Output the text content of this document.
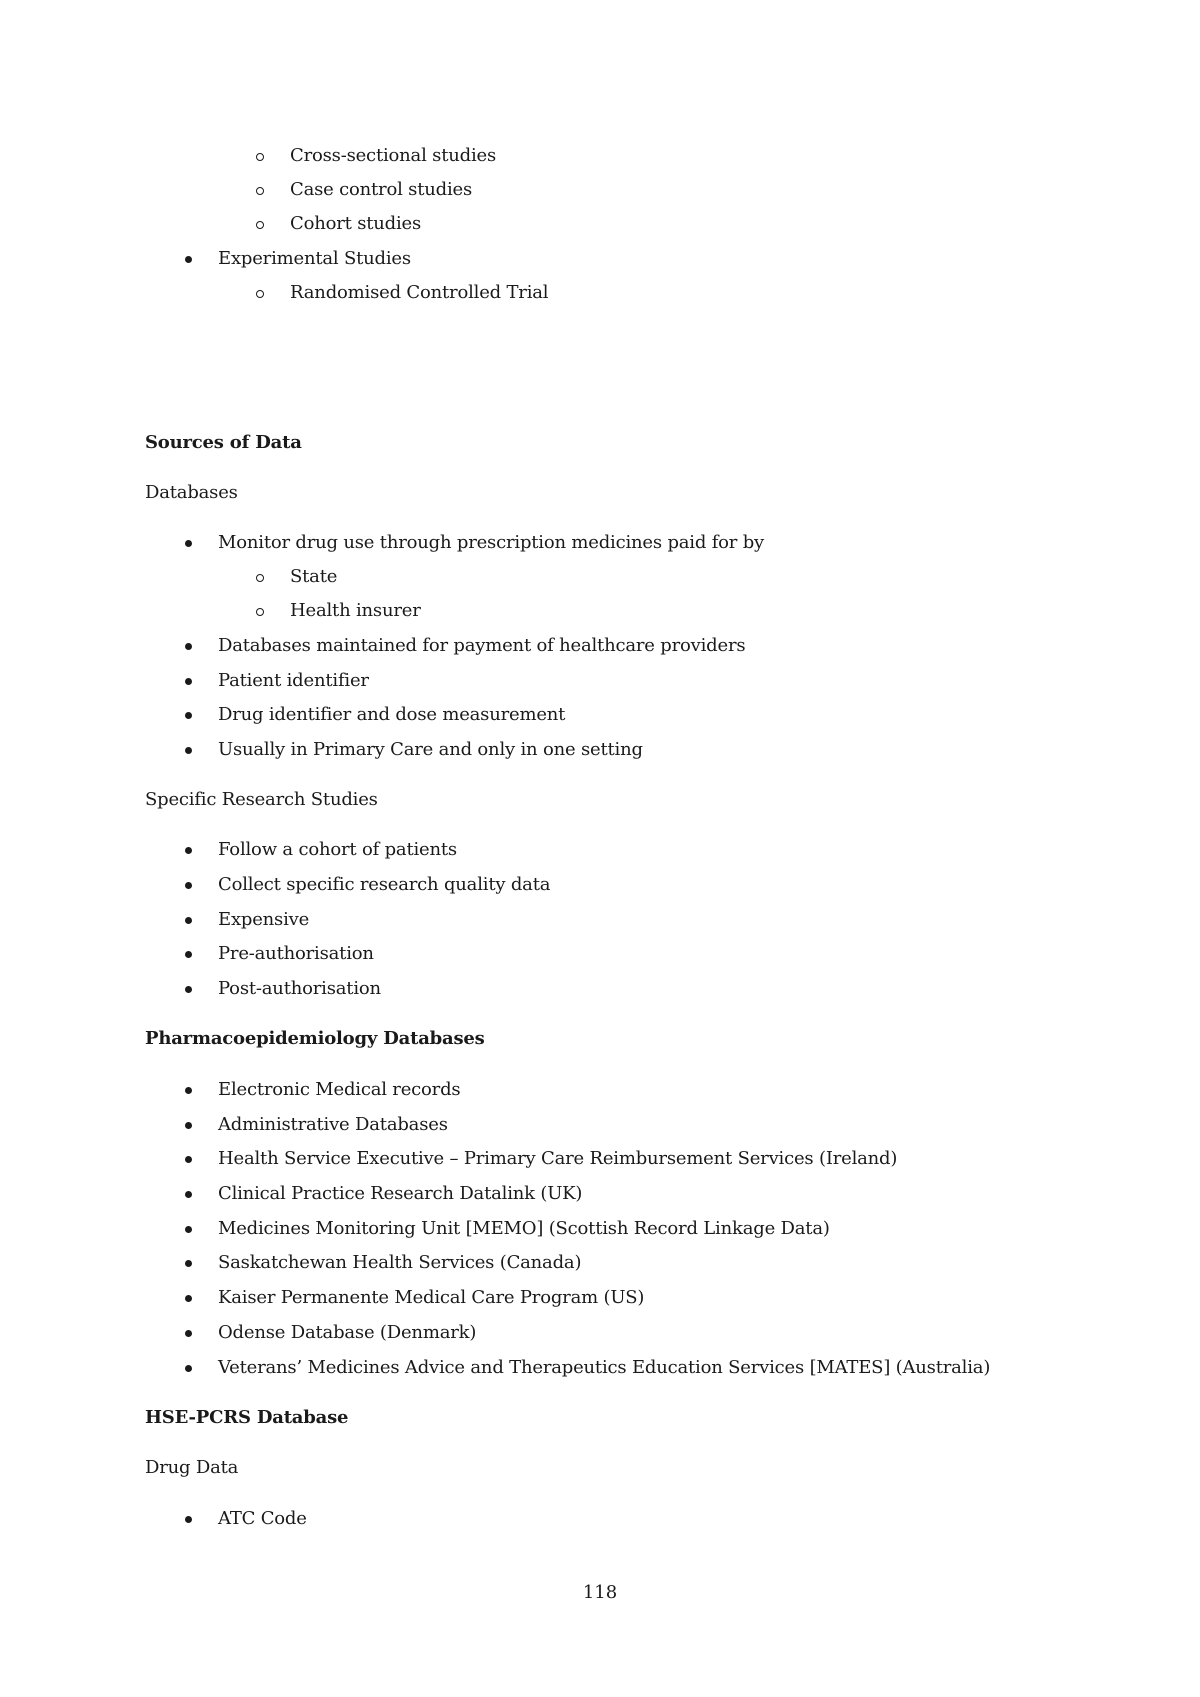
Cross-sectional studies
Case control studies
Cohort studies
Experimental Studies
Randomised Controlled Trial
Sources of Data
Databases
Monitor drug use through prescription medicines paid for by
State
Health insurer
Databases maintained for payment of healthcare providers
Patient identifier
Drug identifier and dose measurement
Usually in Primary Care and only in one setting
Specific Research Studies
Follow a cohort of patients
Collect specific research quality data
Expensive
Pre-authorisation
Post-authorisation
Pharmacoepidemiology Databases
Electronic Medical records
Administrative Databases
Health Service Executive – Primary Care Reimbursement Services (Ireland)
Clinical Practice Research Datalink (UK)
Medicines Monitoring Unit [MEMO] (Scottish Record Linkage Data)
Saskatchewan Health Services (Canada)
Kaiser Permanente Medical Care Program (US)
Odense Database (Denmark)
Veterans’ Medicines Advice and Therapeutics Education Services [MATES] (Australia)
HSE-PCRS Database
Drug Data
ATC Code
118
